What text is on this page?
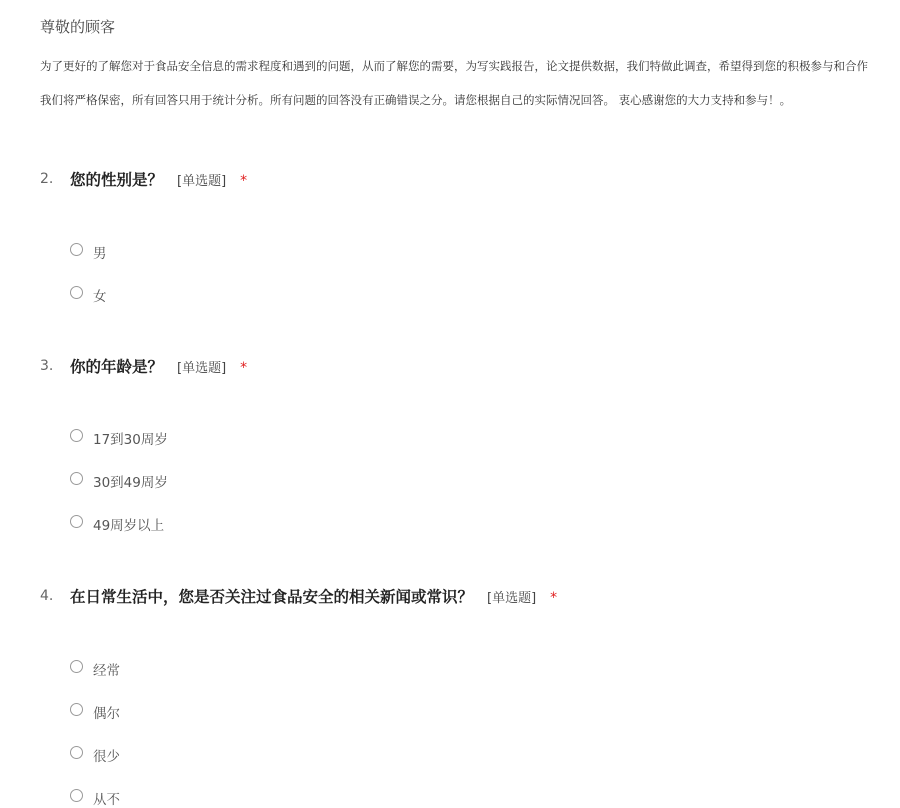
尊敬的顾客
为了更好的了解您对于食品安全信息的需求程度和遇到的问题，从而了解您的需要，为写实践报告，论文提供数据，我们特做此调查，希望得到您的积极参与和合作
我们将严格保密，所有回答只用于统计分析。所有问题的回答没有正确错误之分。请您根据自己的实际情况回答。 衷心感谢您的大力支持和参与！。
2. 您的性别是？ [单选题] *
男
女
3. 你的年龄是？ [单选题] *
17到30周岁
30到49周岁
49周岁以上
4. 在日常生活中，您是否关注过食品安全的相关新闻或常识？ [单选题] *
经常
偶尔
很少
从不
